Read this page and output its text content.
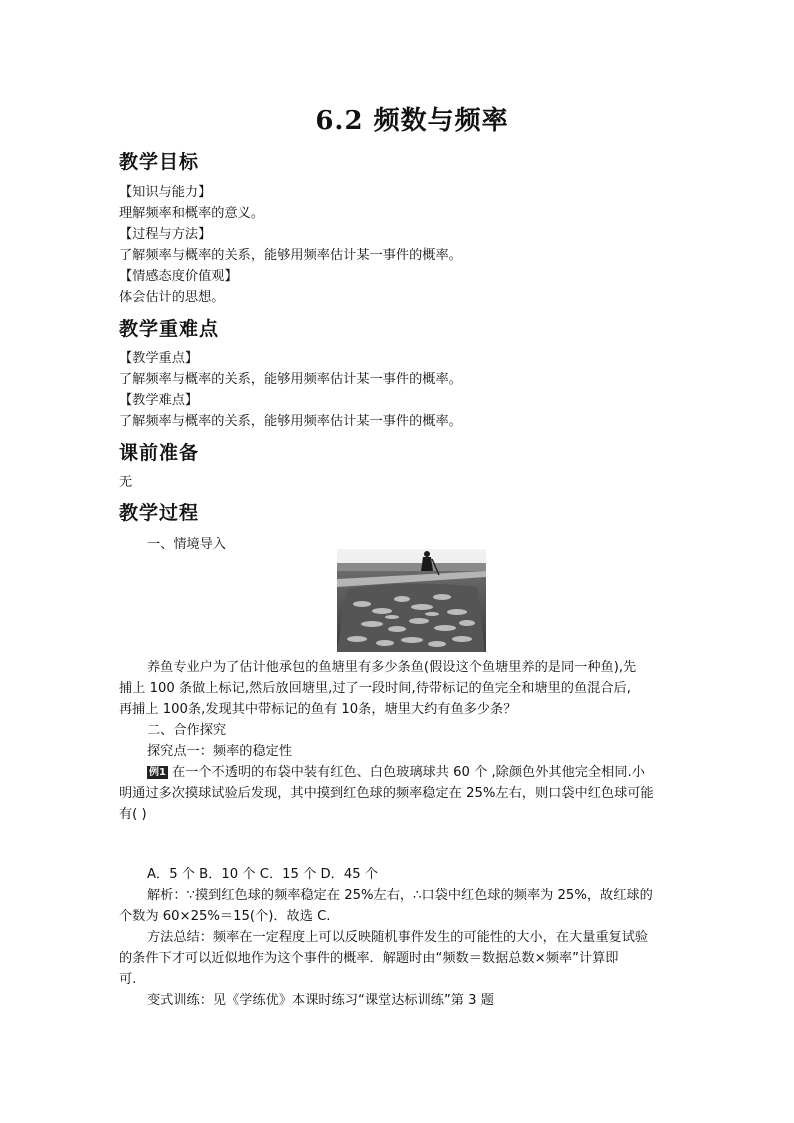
6.2 频数与频率
教学目标
【知识与能力】
理解频率和概率的意义。
【过程与方法】
了解频率与概率的关系，能够用频率估计某一事件的概率。
【情感态度价值观】
体会估计的思想。
教学重难点
【教学重点】
了解频率与概率的关系，能够用频率估计某一事件的概率。
【教学难点】
了解频率与概率的关系，能够用频率估计某一事件的概率。
课前准备
无
教学过程
一、情境导入
养鱼专业户为了估计他承包的鱼塘里有多少条鱼(假设这个鱼塘里养的是同一种鱼),先
捕上 100 条做上标记,然后放回塘里,过了一段时间,待带标记的鱼完全和塘里的鱼混合后,
再捕上 100条,发现其中带标记的鱼有 10条，塘里大约有鱼多少条？
二、合作探究
探究点一：频率的稳定性
例1 在一个不透明的布袋中装有红色、白色玻璃球共 60 个 ,除颜色外其他完全相同.小
明通过多次摸球试验后发现，其中摸到红色球的频率稳定在 25%左右，则口袋中红色球可能
有( )
A．5 个 B．10 个 C．15 个 D．45 个
解析：∵摸到红色球的频率稳定在 25%左右，∴口袋中红色球的频率为 25%，故红球的
个数为 60×25%＝15(个)．故选 C.
方法总结：频率在一定程度上可以反映随机事件发生的可能性的大小，在大量重复试验
的条件下才可以近似地作为这个事件的概率．解题时由“频数＝数据总数×频率”计算即
可.
变式训练：见《学练优》本课时练习“课堂达标训练”第 3 题
